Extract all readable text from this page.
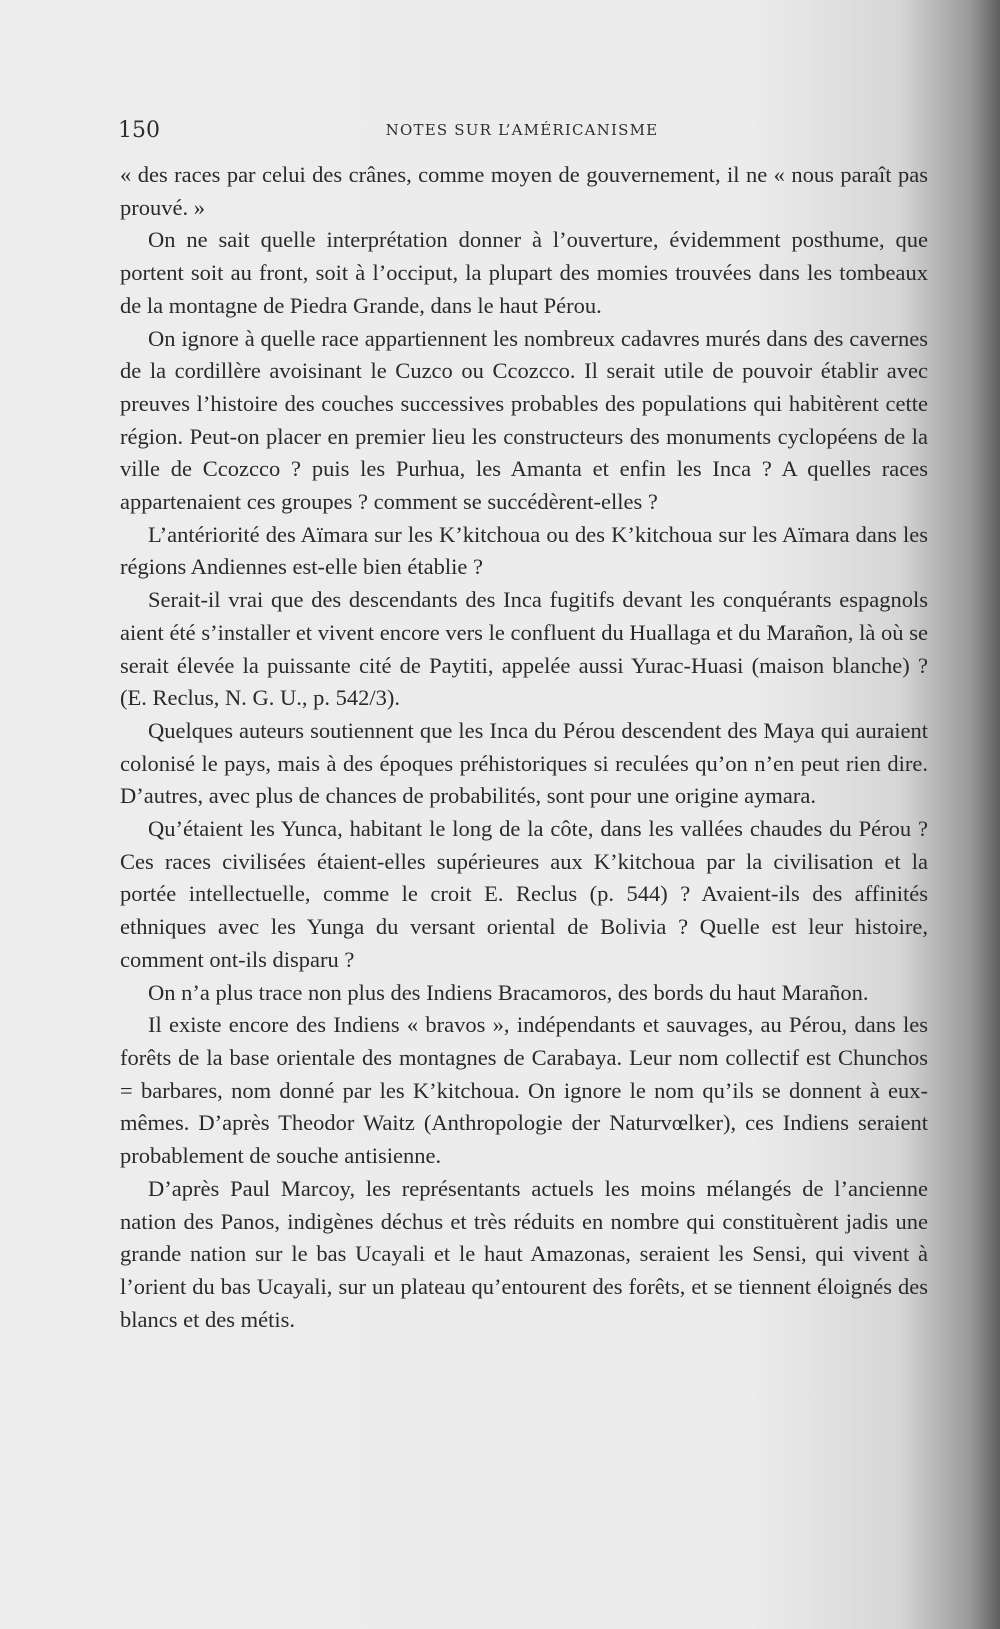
150	NOTES SUR L’AMÉRICANISME

« des races par celui des crânes, comme moyen de gouvernement, il ne « nous paraît pas prouvé. »

On ne sait quelle interprétation donner à l’ouverture, évidemment posthume, que portent soit au front, soit à l’occiput, la plupart des momies trouvées dans les tombeaux de la montagne de Piedra Grande, dans le haut Pérou.

On ignore à quelle race appartiennent les nombreux cadavres murés dans des cavernes de la cordillère avoisinant le Cuzco ou Ccozcco. Il serait utile de pouvoir établir avec preuves l’histoire des couches successives probables des populations qui habitèrent cette région. Peut-on placer en premier lieu les constructeurs des monuments cyclopéens de la ville de Ccozcco ? puis les Purhua, les Amanta et enfin les Inca ? A quelles races appartenaient ces groupes ? comment se succédèrent-elles ?

L’antériorité des Aïmara sur les K’kitchoua ou des K’kitchoua sur les Aïmara dans les régions Andiennes est-elle bien établie ?

Serait-il vrai que des descendants des Inca fugitifs devant les conquérants espagnols aient été s’installer et vivent encore vers le confluent du Huallaga et du Marañon, là où se serait élevée la puissante cité de Paytiti, appelée aussi Yurac-Huasi (maison blanche) ? (E. Reclus, N. G. U., p. 542/3).

Quelques auteurs soutiennent que les Inca du Pérou descendent des Maya qui auraient colonisé le pays, mais à des époques préhistoriques si reculées qu’on n’en peut rien dire. D’autres, avec plus de chances de probabilités, sont pour une origine aymara.

Qu’étaient les Yunca, habitant le long de la côte, dans les vallées chaudes du Pérou ? Ces races civilisées étaient-elles supérieures aux K’kitchoua par la civilisation et la portée intellectuelle, comme le croit E. Reclus (p. 544) ? Avaient-ils des affinités ethniques avec les Yunga du versant oriental de Bolivia ? Quelle est leur histoire, comment ont-ils disparu ?

On n’a plus trace non plus des Indiens Bracamoros, des bords du haut Marañon.

Il existe encore des Indiens « bravos », indépendants et sauvages, au Pérou, dans les forêts de la base orientale des montagnes de Carabaya. Leur nom collectif est Chunchos = barbares, nom donné par les K’kitchoua. On ignore le nom qu’ils se donnent à eux-mêmes. D’après Theodor Waitz (Anthropologie der Naturvœlker), ces Indiens seraient probablement de souche antisienne.

D’après Paul Marcoy, les représentants actuels les moins mélangés de l’ancienne nation des Panos, indigènes déchus et très réduits en nombre qui constituèrent jadis une grande nation sur le bas Ucayali et le haut Amazonas, seraient les Sensi, qui vivent à l’orient du bas Ucayali, sur un plateau qu’entourent des forêts, et se tiennent éloignés des blancs et des métis.
